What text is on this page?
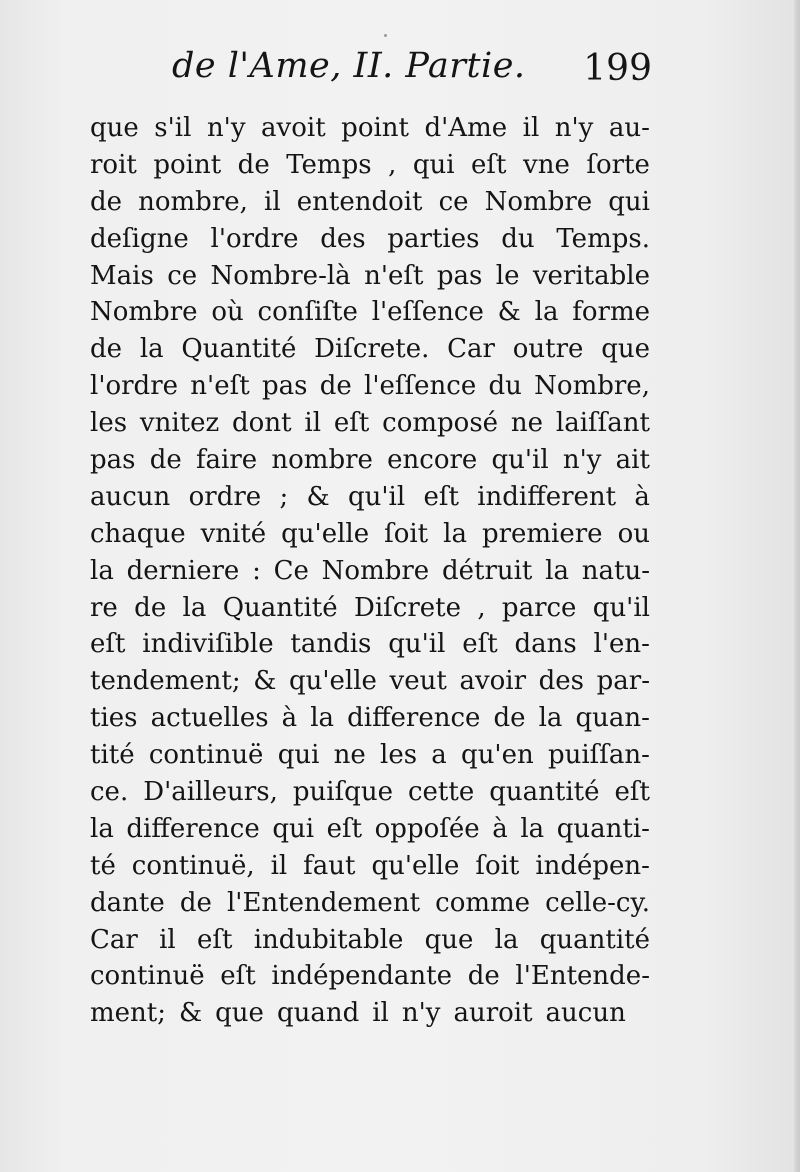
de l'Ame, II. Partie. 199
que s'il n'y avoit point d'Ame il n'y au-
roit point de Temps , qui eſt vne ſorte
de nombre, il entendoit ce Nombre qui
deſigne l'ordre des parties du Temps.
Mais ce Nombre-là n'eſt pas le veritable
Nombre où conſiſte l'eſſence & la forme
de la Quantité Diſcrete. Car outre que
l'ordre n'eſt pas de l'eſſence du Nombre,
les vnitez dont il eſt composé ne laiſſant
pas de faire nombre encore qu'il n'y ait
aucun ordre ; & qu'il eſt indifferent à
chaque vnité qu'elle ſoit la premiere ou
la derniere : Ce Nombre détruit la natu-
re de la Quantité Diſcrete , parce qu'il
eſt indiviſible tandis qu'il eſt dans l'en-
tendement; & qu'elle veut avoir des par-
ties actuelles à la difference de la quan-
tité continuë qui ne les a qu'en puiſſan-
ce. D'ailleurs, puiſque cette quantité eſt
la difference qui eſt oppoſée à la quanti-
té continuë, il faut qu'elle ſoit indépen-
dante de l'Entendement comme celle-cy.
Car il eſt indubitable que la quantité
continuë eſt indépendante de l'Entende-
ment; & que quand il n'y auroit aucun
